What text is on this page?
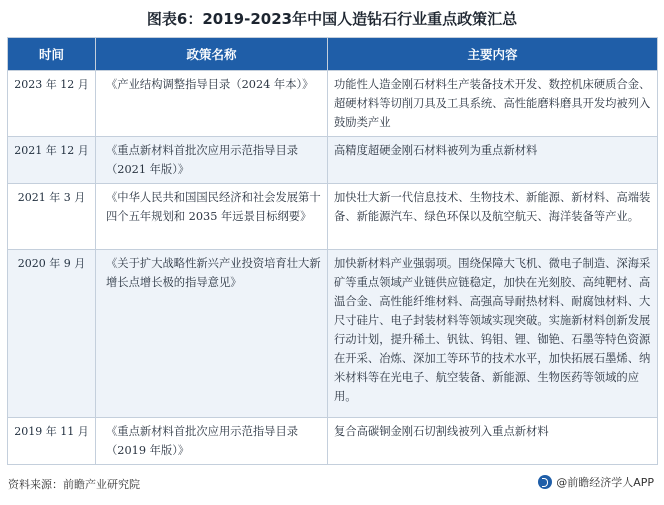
图表6：2019-2023年中国人造钻石行业重点政策汇总
时间	政策名称	主要内容
2023 年 12 月	《产业结构调整指导目录（2024 年本）》	功能性人造金刚石材料生产装备技术开发、数控机床硬质合金、超硬材料等切削刀具及工具系统、高性能磨料磨具开发均被列入鼓励类产业
2021 年 12 月	《重点新材料首批次应用示范指导目录（2021 年版）》	高精度超硬金刚石材料被列为重点新材料
2021 年 3 月	《中华人民共和国国民经济和社会发展第十四个五年规划和 2035 年远景目标纲要》	加快壮大新一代信息技术、生物技术、新能源、新材料、高端装备、新能源汽车、绿色环保以及航空航天、海洋装备等产业。
2020 年 9 月	《关于扩大战略性新兴产业投资培育壮大新增长点增长极的指导意见》	加快新材料产业强弱项。围绕保障大飞机、微电子制造、深海采矿等重点领域产业链供应链稳定，加快在光刻胶、高纯靶材、高温合金、高性能纤维材料、高强高导耐热材料、耐腐蚀材料、大尺寸硅片、电子封装材料等领域实现突破。实施新材料创新发展行动计划，提升稀土、钒钛、钨钼、锂、铷铯、石墨等特色资源在开采、冶炼、深加工等环节的技术水平，加快拓展石墨烯、纳米材料等在光电子、航空装备、新能源、生物医药等领域的应用。
2019 年 11 月	《重点新材料首批次应用示范指导目录（2019 年版）》	复合高碳铜金刚石切割线被列入重点新材料
资料来源：前瞻产业研究院	@前瞻经济学人APP
